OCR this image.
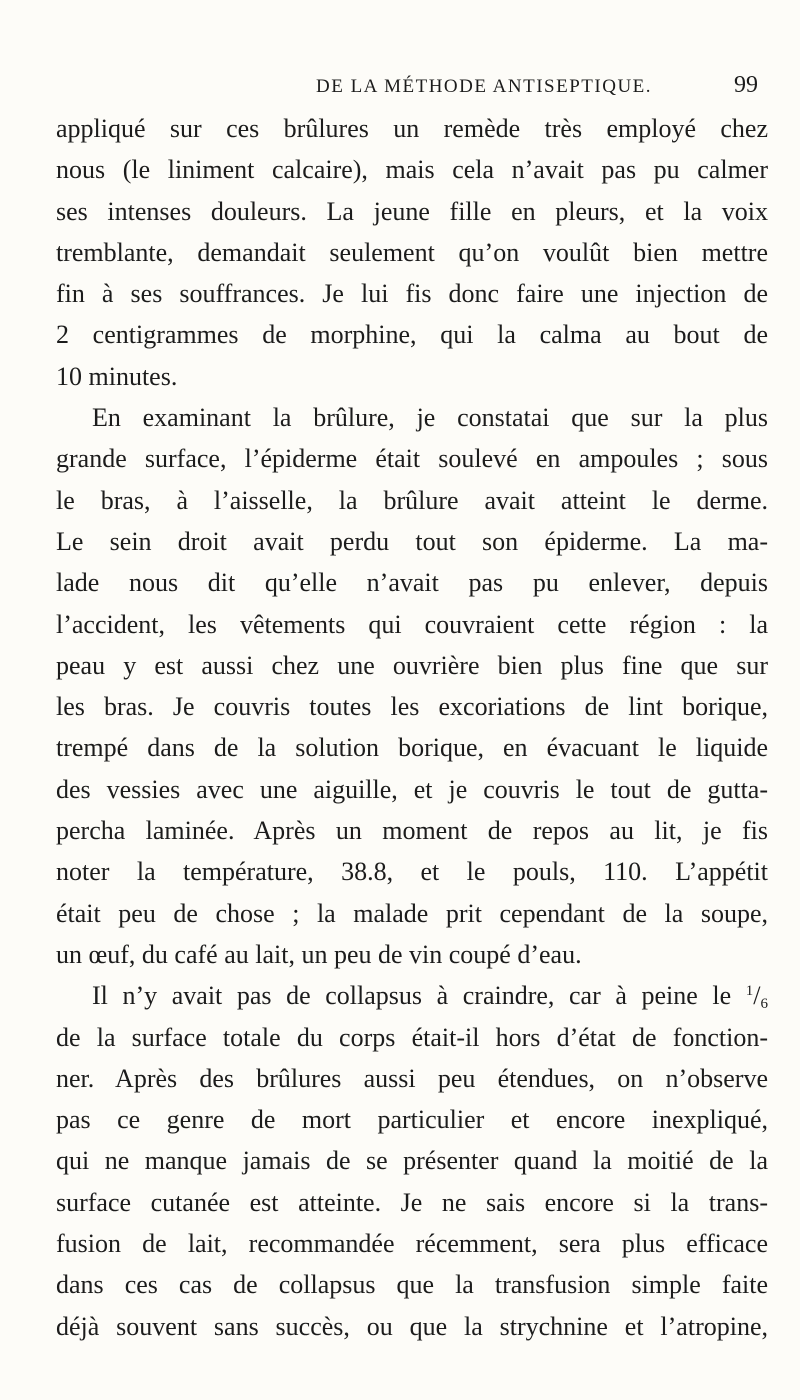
DE LA MÉTHODE ANTISEPTIQUE.	99
appliqué sur ces brûlures un remède très employé chez
nous (le liniment calcaire), mais cela n’avait pas pu calmer
ses intenses douleurs. La jeune fille en pleurs, et la voix
tremblante, demandait seulement qu’on voulût bien mettre
fin à ses souffrances. Je lui fis donc faire une injection de
2 centigrammes de morphine, qui la calma au bout de
10 minutes.
En examinant la brûlure, je constatai que sur la plus
grande surface, l’épiderme était soulevé en ampoules ; sous
le bras, à l’aisselle, la brûlure avait atteint le derme.
Le sein droit avait perdu tout son épiderme. La ma-
lade nous dit qu’elle n’avait pas pu enlever, depuis
l’accident, les vêtements qui couvraient cette région : la
peau y est aussi chez une ouvrière bien plus fine que sur
les bras. Je couvris toutes les excoriations de lint borique,
trempé dans de la solution borique, en évacuant le liquide
des vessies avec une aiguille, et je couvris le tout de gutta-
percha laminée. Après un moment de repos au lit, je fis
noter la température, 38.8, et le pouls, 110. L’appétit
était peu de chose ; la malade prit cependant de la soupe,
un œuf, du café au lait, un peu de vin coupé d’eau.
Il n’y avait pas de collapsus à craindre, car à peine le $^1/_6$
de la surface totale du corps était-il hors d’état de fonction-
ner. Après des brûlures aussi peu étendues, on n’observe
pas ce genre de mort particulier et encore inexpliqué,
qui ne manque jamais de se présenter quand la moitié de la
surface cutanée est atteinte. Je ne sais encore si la trans-
fusion de lait, recommandée récemment, sera plus efficace
dans ces cas de collapsus que la transfusion simple faite
déjà souvent sans succès, ou que la strychnine et l’atropine,
